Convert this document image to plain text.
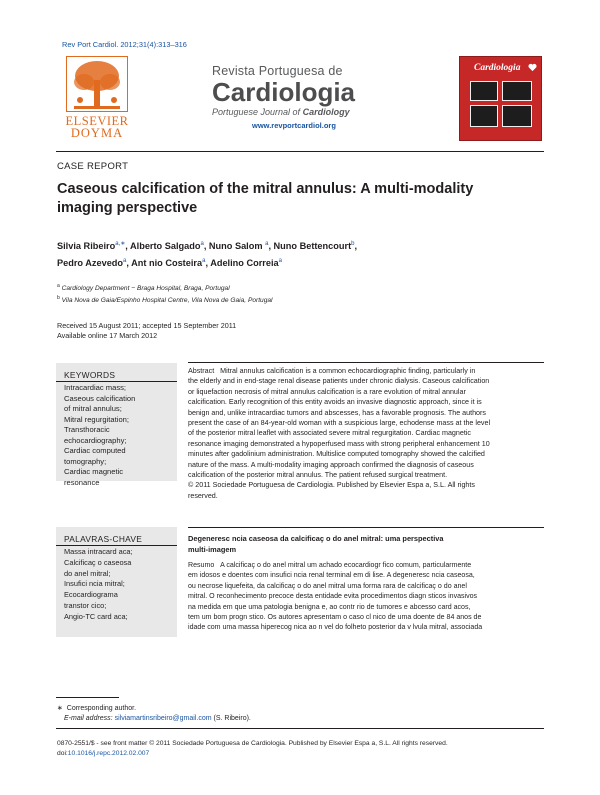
Rev Port Cardiol. 2012;31(4):313–316
ELSEVIER
DOYMA
Revista Portuguesa de
Cardiologia
Portuguese Journal of Cardiology
www.revportcardiol.org
Cardiologia
CASE REPORT
Caseous calcification of the mitral annulus: A multi-modality
imaging perspective
Silvia Ribeiro$^{a,∗}$, Alberto Salgado$^a$, Nuno Salom $^a$, Nuno Bettencourt$^b$,
Pedro Azevedo$^a$, Ant nio Costeira$^a$, Adelino Correia$^a$
$^a$ Cardiology Department − Braga Hospital, Braga, Portugal
$^b$ Vila Nova de Gaia/Espinho Hospital Centre, Vila Nova de Gaia, Portugal
Received 15 August 2011; accepted 15 September 2011
Available online 17 March 2012
KEYWORDS
Intracardiac mass;
Caseous calcification
of mitral annulus;
Mitral regurgitation;
Transthoracic
echocardiography;
Cardiac computed
tomography;
Cardiac magnetic
resonance
Abstract Mitral annulus calcification is a common echocardiographic finding, particularly in
the elderly and in end-stage renal disease patients under chronic dialysis. Caseous calcification
or liquefaction necrosis of mitral annulus calcification is a rare evolution of mitral annular
calcification. Early recognition of this entity avoids an invasive diagnostic approach, since it is
benign and, unlike intracardiac tumors and abscesses, has a favorable prognosis. The authors
present the case of an 84-year-old woman with a suspicious large, echodense mass at the level
of the posterior mitral leaflet with associated severe mitral regurgitation. Cardiac magnetic
resonance imaging demonstrated a hypoperfused mass with strong peripheral enhancement 10
minutes after gadolinium administration. Multislice computed tomography showed the calcified
nature of the mass. A multi-modality imaging approach confirmed the diagnosis of caseous
calcification of the posterior mitral annulus. The patient refused surgical treatment.
© 2011 Sociedade Portuguesa de Cardiologia. Published by Elsevier Espa a, S.L. All rights
reserved.
PALAVRAS-CHAVE
Massa intracard aca;
Calcificaç o caseosa
do anel mitral;
Insufici ncia mitral;
Ecocardiograma
transtor cico;
Angio-TC card aca;
Degeneresc ncia caseosa da calcificaç o do anel mitral: uma perspectiva
multi-imagem
Resumo A calcificaç o do anel mitral um achado ecocardiogr fico comum, particularmente
em idosos e doentes com insufici ncia renal terminal em di lise. A degeneresc ncia caseosa,
ou necrose liquefeita, da calcificaç o do anel mitral uma forma rara de calcificaç o do anel
mitral. O reconhecimento precoce desta entidade evita procedimentos diagn sticos invasivos
na medida em que uma patologia benigna e, ao contr rio de tumores e abcesso card acos,
tem um bom progn stico. Os autores apresentam o caso cl nico de uma doente de 84 anos de
idade com uma massa hiperecog nica ao n vel do folheto posterior da v lvula mitral, associada
∗ Corresponding author.
E-mail address: silviamartinsribeiro@gmail.com (S. Ribeiro).
0870-2551/$ - see front matter © 2011 Sociedade Portuguesa de Cardiologia. Published by Elsevier Espa a, S.L. All rights reserved.
doi:10.1016/j.repc.2012.02.007
